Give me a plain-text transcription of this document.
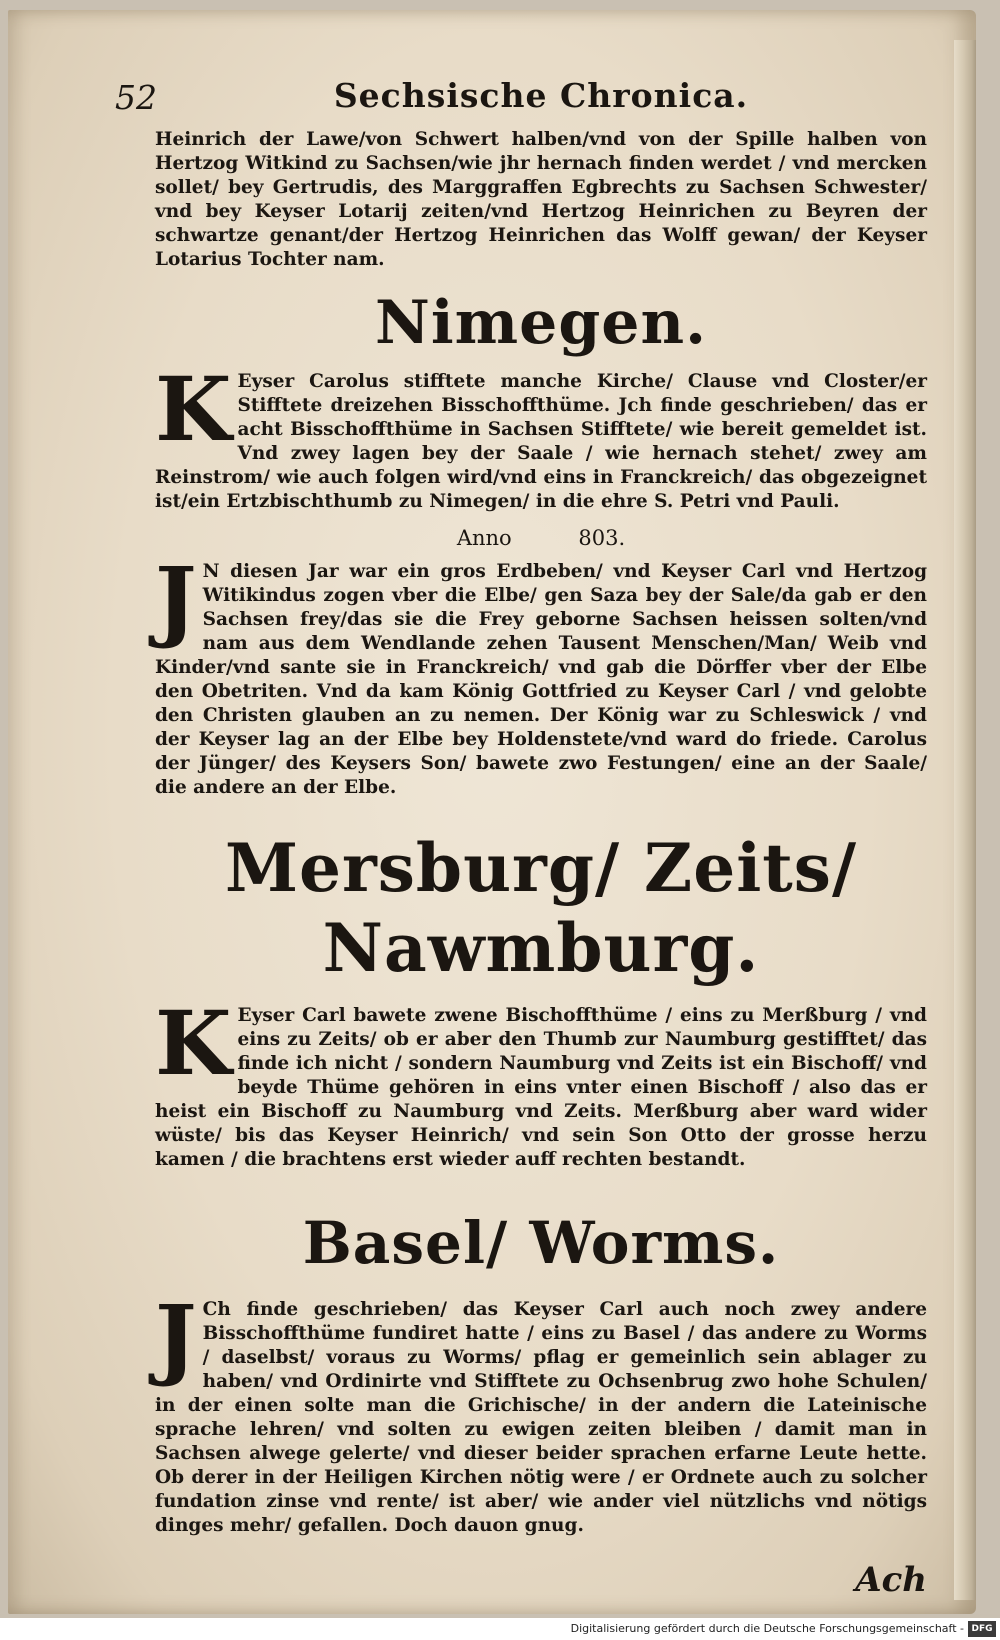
52	Sechsische Chronica.

Heinrich der Lawe/von Schwert halben/vnd von der Spille halben von Hertzog Witkind zu Sachsen/wie jhr hernach finden werdet / vnd mercken sollet/ bey Gertrudis, des Marggraffen Egbrechts zu Sachsen Schwester/ vnd bey Keyser Lotarij zeiten/vnd Hertzog Heinrichen zu Beyren der schwartze genant/der Hertzog Heinrichen das Wolff gewan/ der Keyser Lotarius Tochter nam.

Nimegen.
K Eyser Carolus stifftete manche Kirche/ Clause vnd Closter/er Stifftete dreizehen Bisschoffthüme. Jch finde geschrieben/ das er acht Bisschoffthüme in Sachsen Stifftete/ wie bereit gemeldet ist. Vnd zwey lagen bey der Saale / wie hernach stehet/ zwey am Reinstrom/ wie auch folgen wird/vnd eins in Franckreich/ das obgezeignet ist/ein Ertzbischthumb zu Nimegen/ in die ehre S. Petri vnd Pauli.

Anno 803.
J N diesen Jar war ein gros Erdbeben/ vnd Keyser Carl vnd Hertzog Witikindus zogen vber die Elbe/ gen Saza bey der Sale/da gab er den Sachsen frey/das sie die Frey geborne Sachsen heissen solten/vnd nam aus dem Wendlande zehen Tausent Menschen/Man/ Weib vnd Kinder/vnd sante sie in Franckreich/ vnd gab die Dörffer vber der Elbe den Obetriten. Vnd da kam König Gottfried zu Keyser Carl / vnd gelobte den Christen glauben an zu nemen. Der König war zu Schleswick / vnd der Keyser lag an der Elbe bey Holdenstete/vnd ward do friede. Carolus der Jünger/ des Keysers Son/ bawete zwo Festungen/ eine an der Saale/ die andere an der Elbe.

Mersburg/ Zeits/ Nawmburg.
K Eyser Carl bawete zwene Bischoffthüme / eins zu Merßburg / vnd eins zu Zeits/ ob er aber den Thumb zur Naumburg gestifftet/ das finde ich nicht / sondern Naumburg vnd Zeits ist ein Bischoff/ vnd beyde Thüme gehören in eins vnter einen Bischoff / also das er heist ein Bischoff zu Naumburg vnd Zeits. Merßburg aber ward wider wüste/ bis das Keyser Heinrich/ vnd sein Son Otto der grosse herzu kamen / die brachtens erst wieder auff rechten bestandt.

Basel/ Worms.
J Ch finde geschrieben/ das Keyser Carl auch noch zwey andere Bisschoffthüme fundiret hatte / eins zu Basel / das andere zu Worms / daselbst/ voraus zu Worms/ pflag er gemeinlich sein ablager zu haben/ vnd Ordinirte vnd Stifftete zu Ochsenbrug zwo hohe Schulen/ in der einen solte man die Grichische/ in der andern die Lateinische sprache lehren/ vnd solten zu ewigen zeiten bleiben / damit man in Sachsen alwege gelerte/ vnd dieser beider sprachen erfarne Leute hette. Ob derer in der Heiligen Kirchen nötig were / er Ordnete auch zu solcher fundation zinse vnd rente/ ist aber/ wie ander viel nützlichs vnd nötigs dinges mehr/ gefallen. Doch dauon gnug.

Ach
Digitalisierung gefördert durch die Deutsche Forschungsgemeinschaft - DFG
